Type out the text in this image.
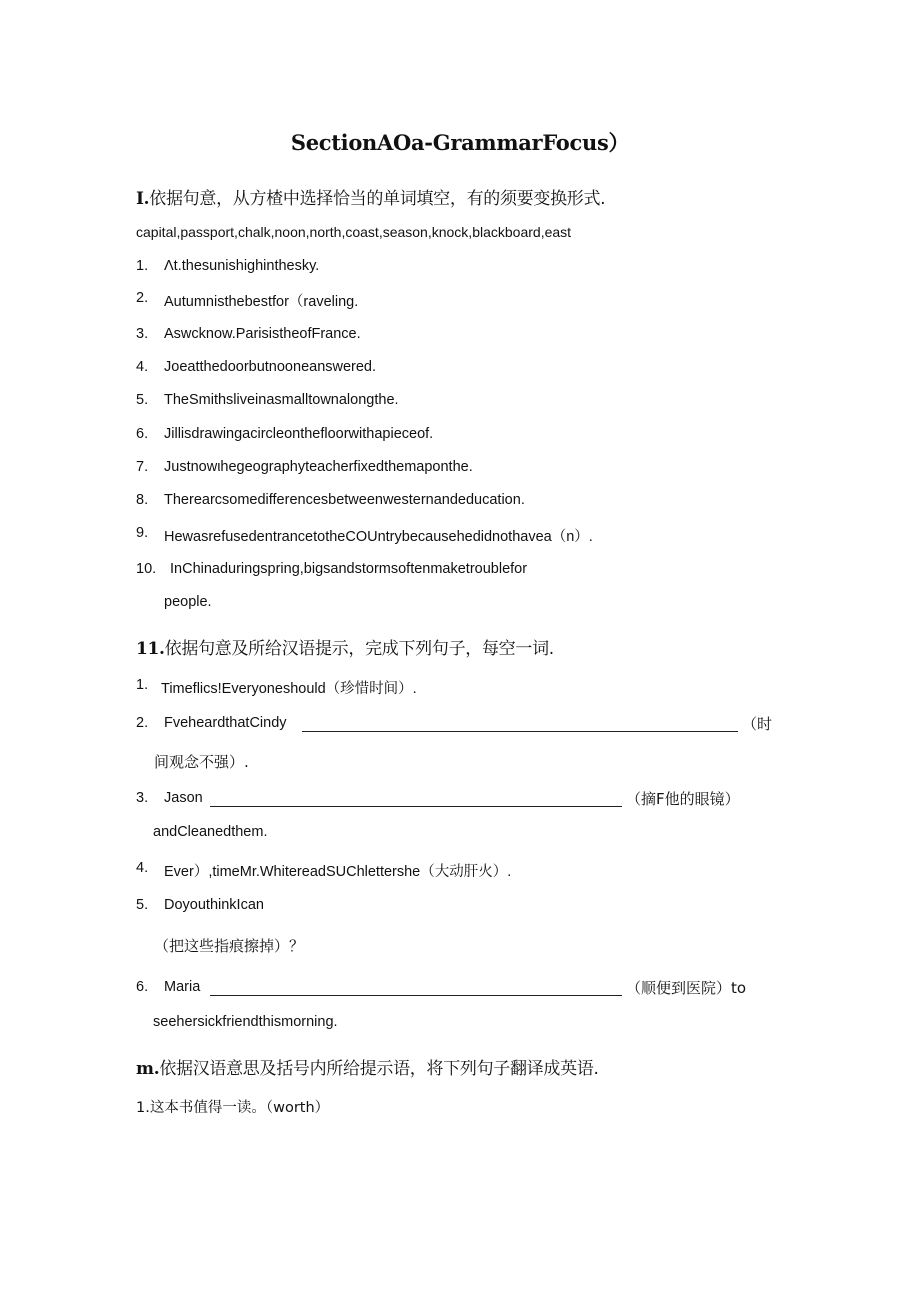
SectionAOa-GrammarFocus）
I.依据句意，从方楂中选择恰当的单词填空，有的须要变换形式.
capital,passport,chalk,noon,north,coast,season,knock,blackboard,east
1. Λt.thesunishighinthesky.
2. Autumnisthebestfor（raveling.
3. Aswcknow.ParisistheofFrance.
4. Joeatthedoorbutnooneanswered.
5. TheSmithsliveinasmalltownalongthe.
6. Jillisdrawingacircleonthefloorwithapieceof.
7. Justnowιhegeographyteacherfixedthemaponthe.
8. Therearcsomedifferencesbetweenwesternandeducation.
9. HewasrefusedentrancetotheCOUntrybecausehedidnothavea（n）.
10. InChinaduringspring,bigsandstormsoftenmaketroublefor
people.
11.依据句意及所给汉语提示，完成下列句子，每空一词.
1. Timeflics!Everyoneshould（珍惜时间）.
2. FveheardthatCindy	（时
间观念不强）.
3. Jason	（摘F他的眼镜）
andCleanedthem.
4. Ever）,timeMr.WhitereadSUChlettershe（大动肝火）.
5. DoyouthinkIcan
（把这些指痕擦掉）？
6. Maria	（顺便到医院）to
seehersickfriendthismorning.
m.依据汉语意思及括号内所给提示语，将下列句子翻译成英语.
1.这本书值得一读。（worth）
